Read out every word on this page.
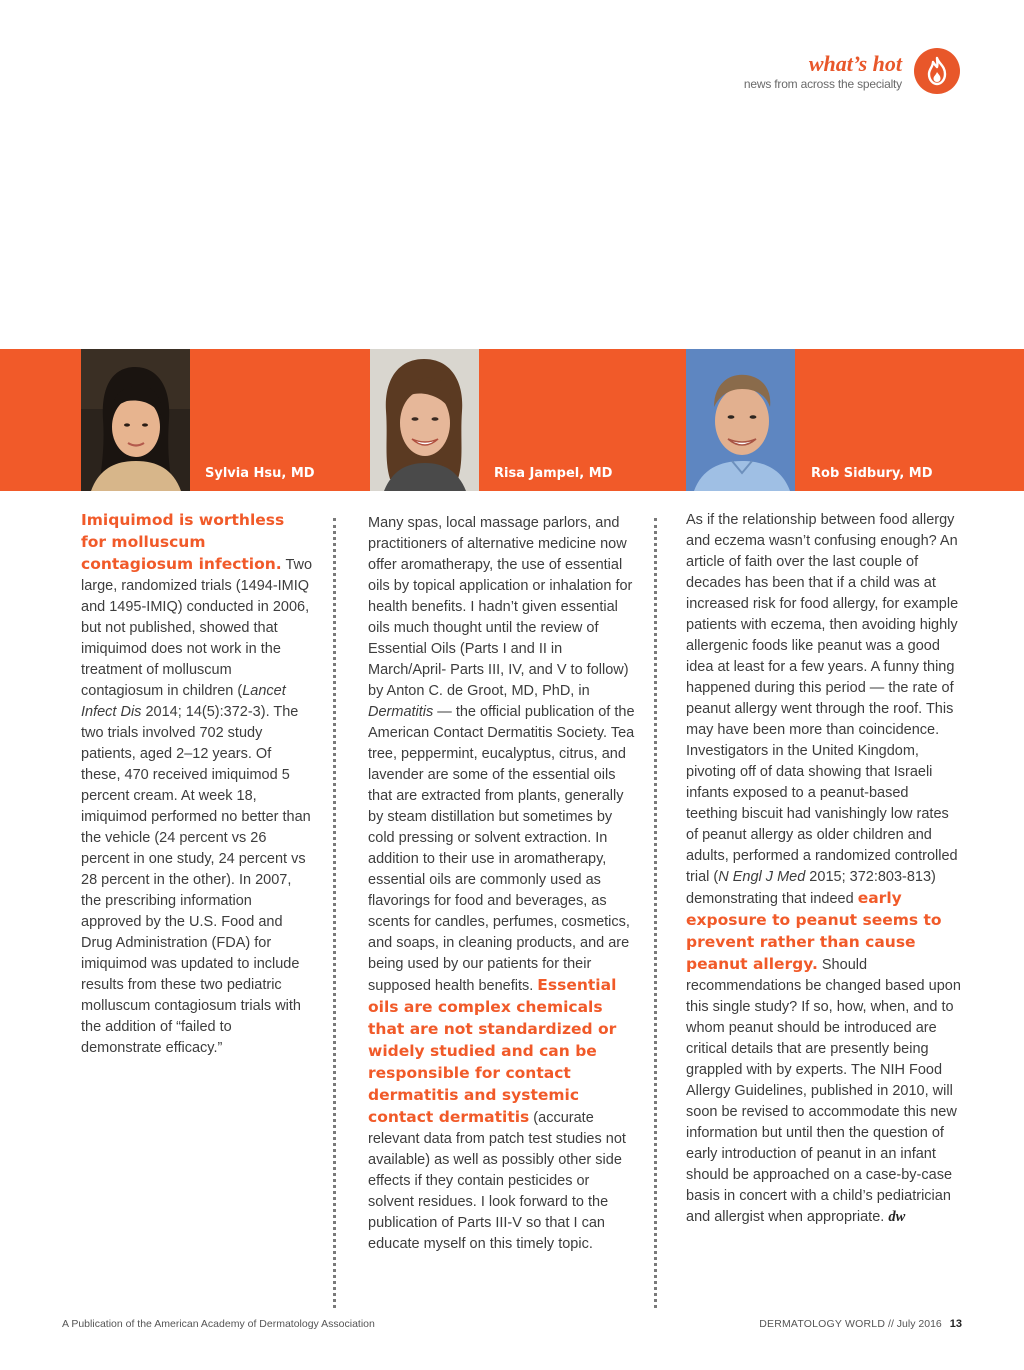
what’s hot
news from across the specialty
Sylvia Hsu, MD	Risa Jampel, MD	Rob Sidbury, MD
Imiquimod is worthless for molluscum contagiosum infection. Two large, randomized trials (1494-IMIQ and 1495-IMIQ) conducted in 2006, but not published, showed that imiquimod does not work in the treatment of molluscum contagiosum in children (Lancet Infect Dis 2014; 14(5):372-3). The two trials involved 702 study patients, aged 2–12 years. Of these, 470 received imiquimod 5 percent cream. At week 18, imiquimod performed no better than the vehicle (24 percent vs 26 percent in one study, 24 percent vs 28 percent in the other). In 2007, the prescribing information approved by the U.S. Food and Drug Administration (FDA) for imiquimod was updated to include results from these two pediatric molluscum contagiosum trials with the addition of “failed to demonstrate efficacy.”
Many spas, local massage parlors, and practitioners of alternative medicine now offer aromatherapy, the use of essential oils by topical application or inhalation for health benefits. I hadn’t given essential oils much thought until the review of Essential Oils (Parts I and II in March/April- Parts III, IV, and V to follow) by Anton C. de Groot, MD, PhD, in Dermatitis — the official publication of the American Contact Dermatitis Society. Tea tree, peppermint, eucalyptus, citrus, and lavender are some of the essential oils that are extracted from plants, generally by steam distillation but sometimes by cold pressing or solvent extraction. In addition to their use in aromatherapy, essential oils are commonly used as flavorings for food and beverages, as scents for candles, perfumes, cosmetics, and soaps, in cleaning products, and are being used by our patients for their supposed health benefits. Essential oils are complex chemicals that are not standardized or widely studied and can be responsible for contact dermatitis and systemic contact dermatitis (accurate relevant data from patch test studies not available) as well as possibly other side effects if they contain pesticides or solvent residues. I look forward to the publication of Parts III-V so that I can educate myself on this timely topic.
As if the relationship between food allergy and eczema wasn’t confusing enough? An article of faith over the last couple of decades has been that if a child was at increased risk for food allergy, for example patients with eczema, then avoiding highly allergenic foods like peanut was a good idea at least for a few years. A funny thing happened during this period — the rate of peanut allergy went through the roof. This may have been more than coincidence. Investigators in the United Kingdom, pivoting off of data showing that Israeli infants exposed to a peanut-based teething biscuit had vanishingly low rates of peanut allergy as older children and adults, performed a randomized controlled trial (N Engl J Med 2015; 372:803-813) demonstrating that indeed early exposure to peanut seems to prevent rather than cause peanut allergy. Should recommendations be changed based upon this single study? If so, how, when, and to whom peanut should be introduced are critical details that are presently being grappled with by experts. The NIH Food Allergy Guidelines, published in 2010, will soon be revised to accommodate this new information but until then the question of early introduction of peanut in an infant should be approached on a case-by-case basis in concert with a child’s pediatrician and allergist when appropriate. dw
A Publication of the American Academy of Dermatology Association	DERMATOLOGY WORLD // July 2016 13
